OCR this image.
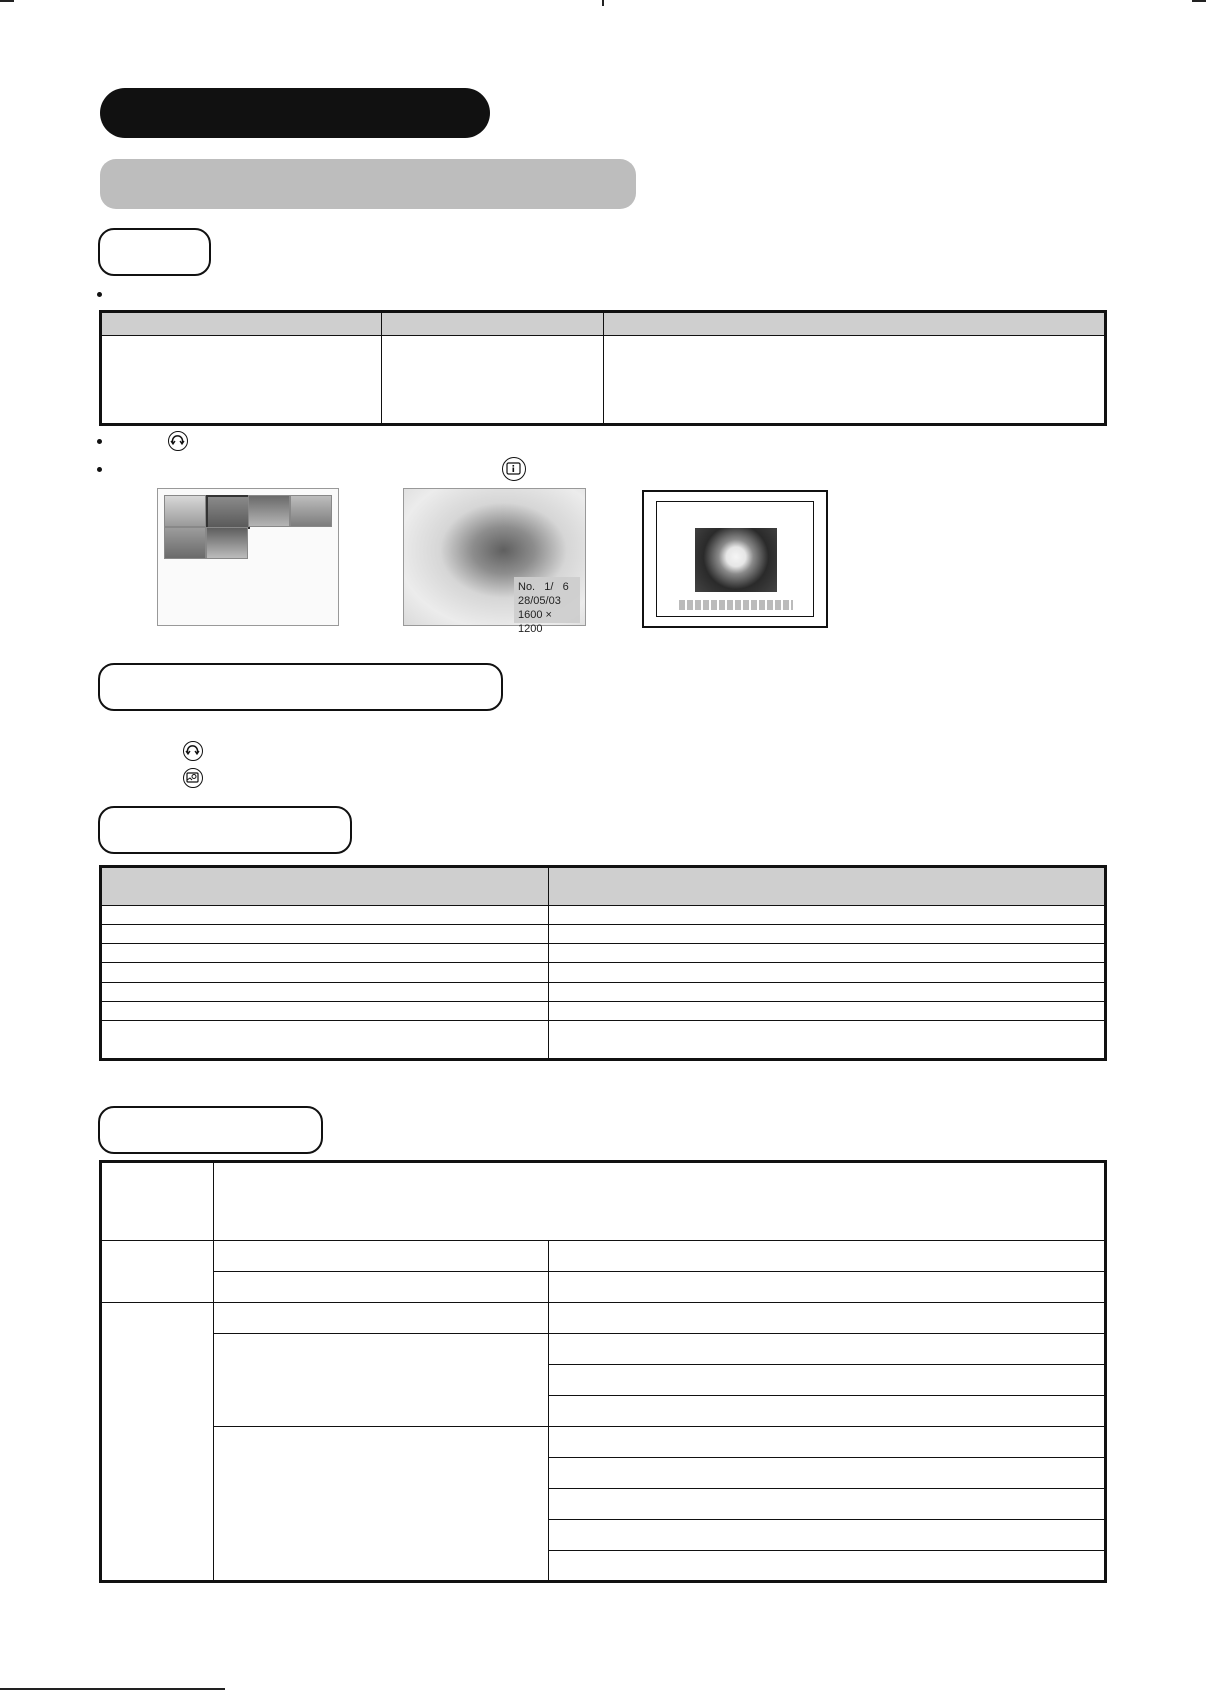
No. 1/ 6
28/05/03
1600 × 1200
